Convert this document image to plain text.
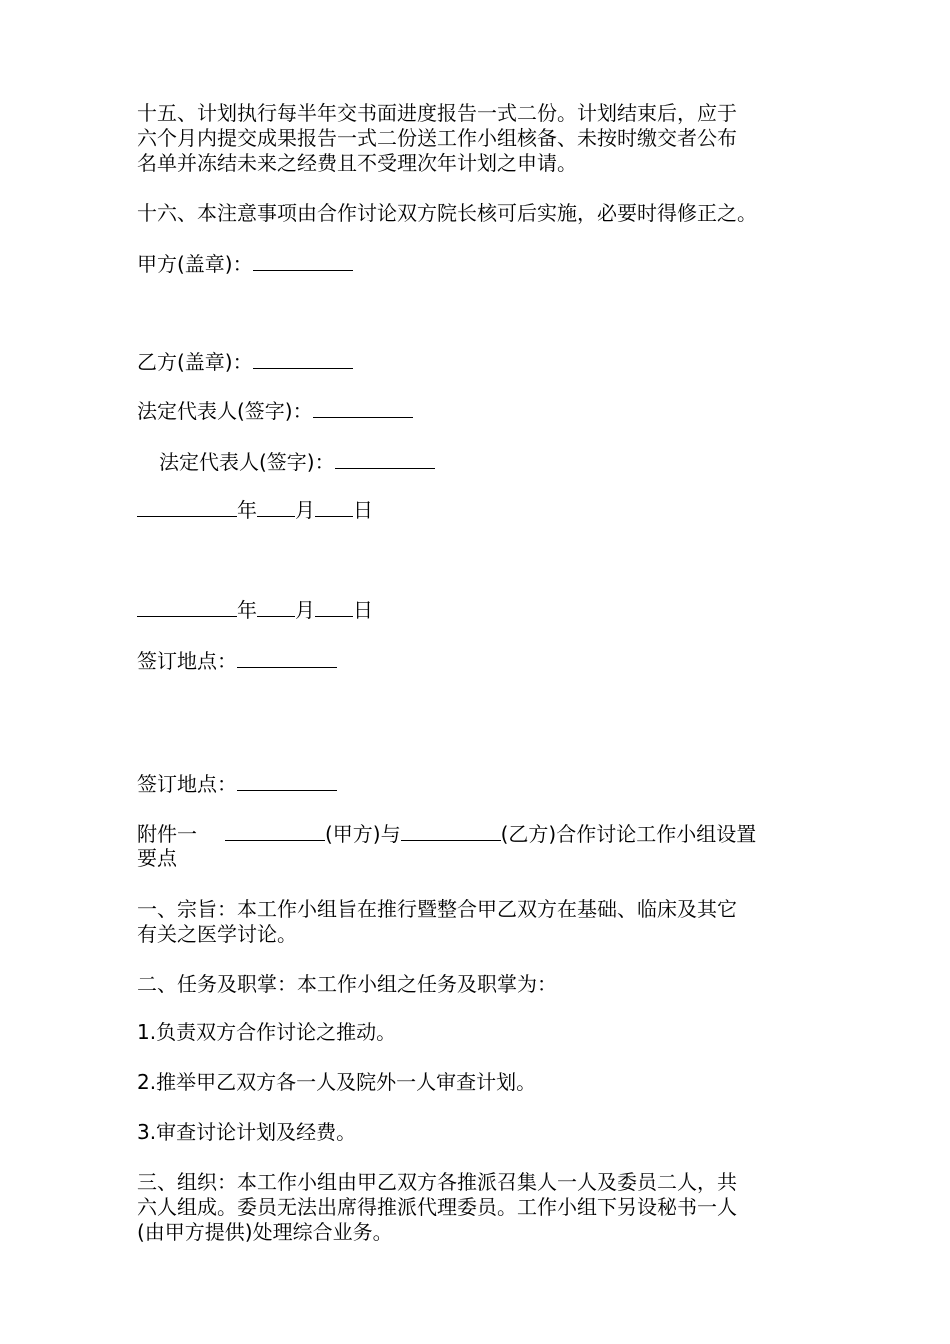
十五、计划执行每半年交书面进度报告一式二份。计划结束后，应于

六个月内提交成果报告一式二份送工作小组核备、未按时缴交者公布

名单并冻结未来之经费且不受理次年计划之申请。

十六、本注意事项由合作讨论双方院长核可后实施，必要时得修正之。

甲方(盖章)：

乙方(盖章)：

法定代表人(签字)：

法定代表人(签字)：

年 月 日

年 月 日

签订地点：

签订地点：

附件一	(甲方)与	(乙方)合作讨论工作小组设置

要点

一、宗旨：本工作小组旨在推行暨整合甲乙双方在基础、临床及其它

有关之医学讨论。

二、任务及职掌：本工作小组之任务及职掌为：

1.负责双方合作讨论之推动。

2.推举甲乙双方各一人及院外一人审查计划。

3.审查讨论计划及经费。

三、组织：本工作小组由甲乙双方各推派召集人一人及委员二人，共

六人组成。委员无法出席得推派代理委员。工作小组下另设秘书一人

(由甲方提供)处理综合业务。
